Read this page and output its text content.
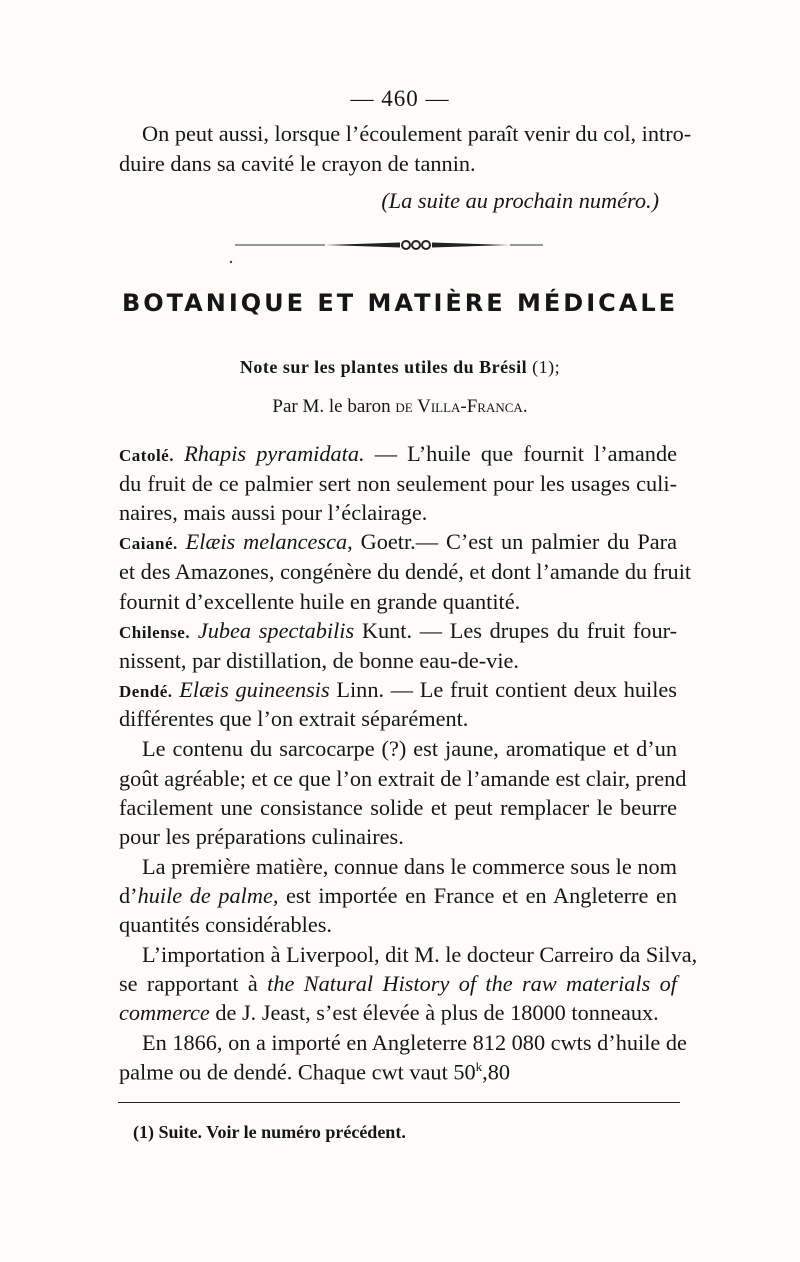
— 460 —
On peut aussi, lorsque l’écoulement paraît venir du col, intro-
duire dans sa cavité le crayon de tannin.
(La suite au prochain numéro.)
BOTANIQUE ET MATIÈRE MÉDICALE
Note sur les plantes utiles du Brésil (1);
Par M. le baron de Villa-Franca.
Catolé. Rhapis pyramidata. — L’huile que fournit l’amande
du fruit de ce palmier sert non seulement pour les usages culi-
naires, mais aussi pour l’éclairage.
Caiané. Elæis melancesca, Goetr.— C’est un palmier du Para
et des Amazones, congénère du dendé, et dont l’amande du fruit
fournit d’excellente huile en grande quantité.
Chilense. Jubea spectabilis Kunt. — Les drupes du fruit four-
nissent, par distillation, de bonne eau-de-vie.
Dendé. Elæis guineensis Linn. — Le fruit contient deux huiles
différentes que l’on extrait séparément.
Le contenu du sarcocarpe (?) est jaune, aromatique et d’un
goût agréable; et ce que l’on extrait de l’amande est clair, prend
facilement une consistance solide et peut remplacer le beurre
pour les préparations culinaires.
La première matière, connue dans le commerce sous le nom
d’huile de palme, est importée en France et en Angleterre en
quantités considérables.
L’importation à Liverpool, dit M. le docteur Carreiro da Silva,
se rapportant à the Natural History of the raw materials of
commerce de J. Jeast, s’est élevée à plus de 18000 tonneaux.
En 1866, on a importé en Angleterre 812 080 cwts d’huile de
palme ou de dendé. Chaque cwt vaut 50$^k$,80
(1) Suite. Voir le numéro précédent.
